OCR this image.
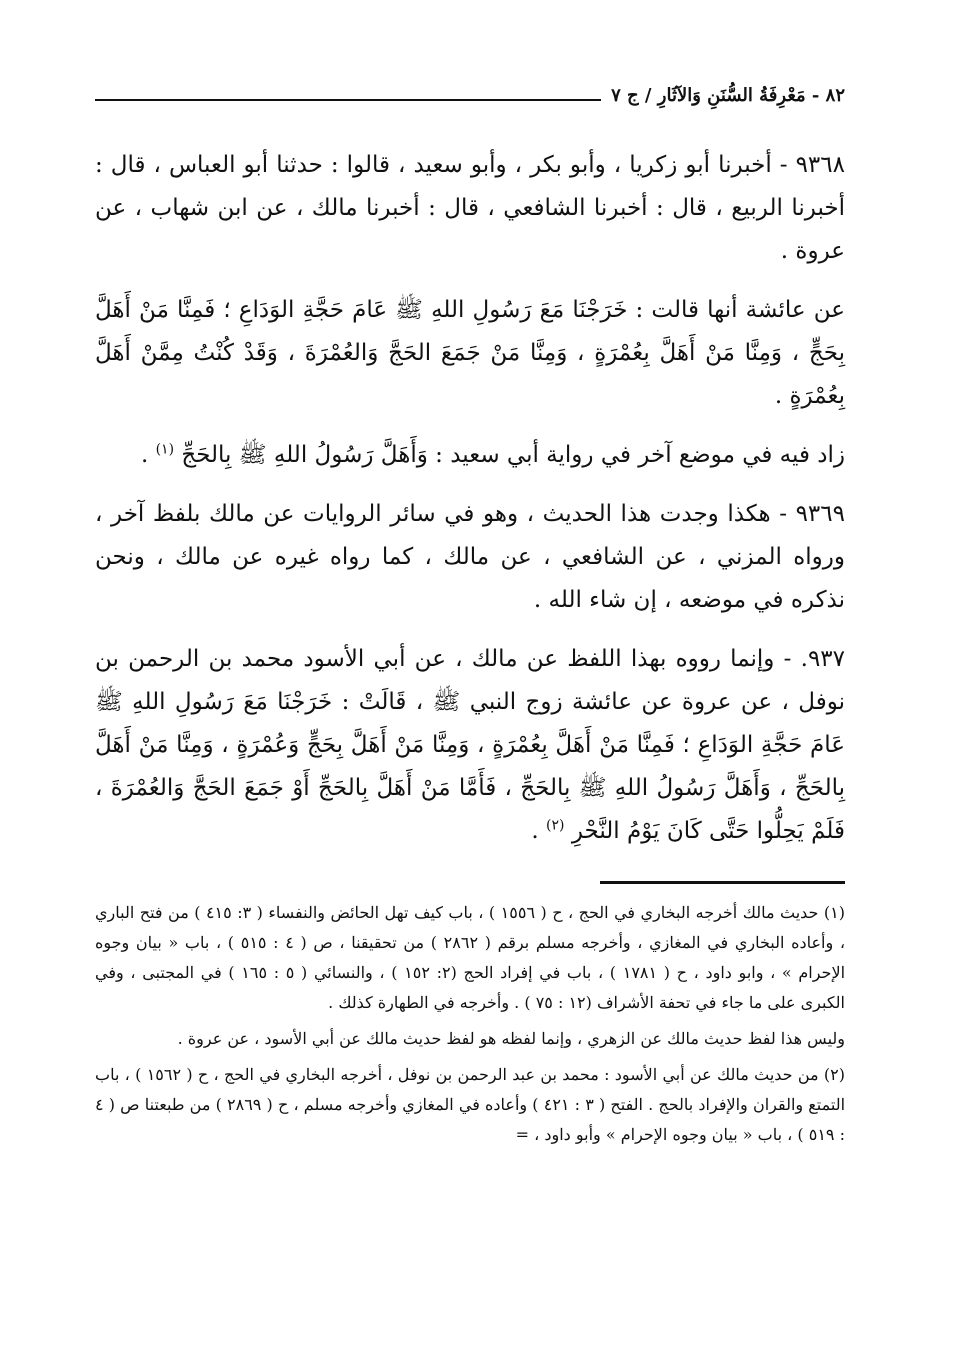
٨٢ - مَعْرِفَةُ السُّنَنِ وَالآثَارِ / ج ٧

٩٣٦٨ - أخبرنا أبو زكريا ، وأبو بكر ، وأبو سعيد ، قالوا : حدثنا أبو العباس ، قال : أخبرنا الربيع ، قال : أخبرنا الشافعي ، قال : أخبرنا مالك ، عن ابن شهاب ، عن عروة .

عن عائشة أنها قالت : خَرَجْنَا مَعَ رَسُولِ اللهِ ﷺ عَامَ حَجَّةِ الوَدَاعِ ؛ فَمِنَّا مَنْ أَهَلَّ بِحَجٍّ ، وَمِنَّا مَنْ أَهَلَّ بِعُمْرَةٍ ، وَمِنَّا مَنْ جَمَعَ الحَجَّ وَالعُمْرَةَ ، وَقَدْ كُنْتُ مِمَّنْ أَهَلَّ بِعُمْرَةٍ .

زاد فيه في موضع آخر في رواية أبي سعيد : وَأَهَلَّ رَسُولُ اللهِ ﷺ بِالحَجِّ $^{(١)}$ .

٩٣٦٩ - هكذا وجدت هذا الحديث ، وهو في سائر الروايات عن مالك بلفظ آخر ، ورواه المزني ، عن الشافعي ، عن مالك ، كما رواه غيره عن مالك ، ونحن نذكره في موضعه ، إن شاء الله .

٩٣٧. - وإنما رووه بهذا اللفظ عن مالك ، عن أبي الأسود محمد بن الرحمن بن نوفل ، عن عروة عن عائشة زوج النبي ﷺ ، قَالَتْ : خَرَجْنَا مَعَ رَسُولِ اللهِ ﷺ عَامَ حَجَّةِ الوَدَاعِ ؛ فَمِنَّا مَنْ أَهَلَّ بِعُمْرَةٍ ، وَمِنَّا مَنْ أَهَلَّ بِحَجٍّ وَعُمْرَةٍ ، وَمِنَّا مَنْ أَهَلَّ بِالحَجِّ ، وَأَهَلَّ رَسُولُ اللهِ ﷺ بِالحَجِّ ، فَأَمَّا مَنْ أَهَلَّ بِالحَجِّ أَوْ جَمَعَ الحَجَّ وَالعُمْرَةَ ، فَلَمْ يَحِلُّوا حَتَّى كَانَ يَوْمُ النَّحْرِ $^{(٢)}$ .

(١) حديث مالك أخرجه البخاري في الحج ، ح ( ١٥٥٦ ) ، باب كيف تهل الحائض والنفساء ( ٣: ٤١٥ ) من فتح الباري ، وأعاده البخاري في المغازي ، وأخرجه مسلم برقم ( ٢٨٦٢ ) من تحقيقنا ، ص ( ٤ : ٥١٥ ) ، باب « بيان وجوه الإحرام » ، وابو داود ، ح ( ١٧٨١ ) ، باب في إفراد الحج (٢: ١٥٢ ) ، والنسائي ( ٥ : ١٦٥ ) في المجتبى ، وفي الكبرى على ما جاء في تحفة الأشراف (١٢ : ٧٥ ) . وأخرجه في الطهارة كذلك .

وليس هذا لفظ حديث مالك عن الزهري ، وإنما لفظه هو لفظ حديث مالك عن أبي الأسود ، عن عروة .

(٢) من حديث مالك عن أبي الأسود : محمد بن عبد الرحمن بن نوفل ، أخرجه البخاري في الحج ، ح ( ١٥٦٢ ) ، باب التمتع والقران والإفراد بالحج . الفتح ( ٣ : ٤٢١ ) وأعاده في المغازي وأخرجه مسلم ، ح ( ٢٨٦٩ ) من طبعتنا ص ( ٤ : ٥١٩ ) ، باب « بيان وجوه الإحرام » وأبو داود ، =
